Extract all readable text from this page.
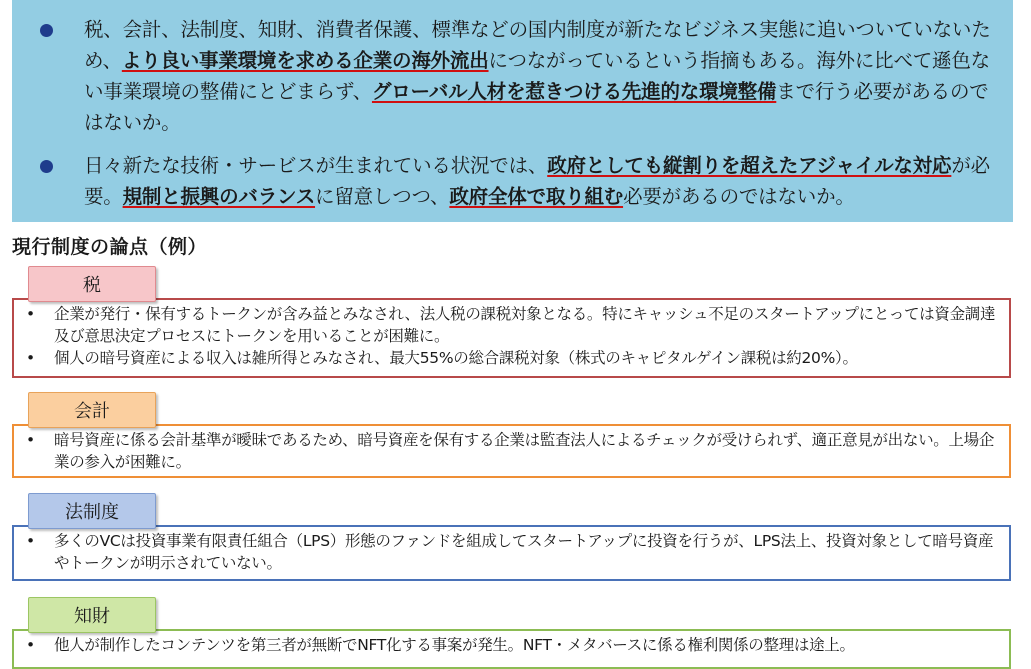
税、会計、法制度、知財、消費者保護、標準などの国内制度が新たなビジネス実態に追いついていないため、より良い事業環境を求める企業の海外流出につながっているという指摘もある。海外に比べて遜色ない事業環境の整備にとどまらず、グローバル人材を惹きつける先進的な環境整備まで行う必要があるのではないか。
日々新たな技術・サービスが生まれている状況では、政府としても縦割りを超えたアジャイルな対応が必要。規制と振興のバランスに留意しつつ、政府全体で取り組む必要があるのではないか。
現行制度の論点（例）
税
• 企業が発行・保有するトークンが含み益とみなされ、法人税の課税対象となる。特にキャッシュ不足のスタートアップにとっては資金調達及び意思決定プロセスにトークンを用いることが困難に。
• 個人の暗号資産による収入は雑所得とみなされ、最大55%の総合課税対象（株式のキャピタルゲイン課税は約20%）。
会計
• 暗号資産に係る会計基準が曖昧であるため、暗号資産を保有する企業は監査法人によるチェックが受けられず、適正意見が出ない。上場企業の参入が困難に。
法制度
• 多くのVCは投資事業有限責任組合（LPS）形態のファンドを組成してスタートアップに投資を行うが、LPS法上、投資対象として暗号資産やトークンが明示されていない。
知財
• 他人が制作したコンテンツを第三者が無断でNFT化する事案が発生。NFT・メタバースに係る権利関係の整理は途上。
